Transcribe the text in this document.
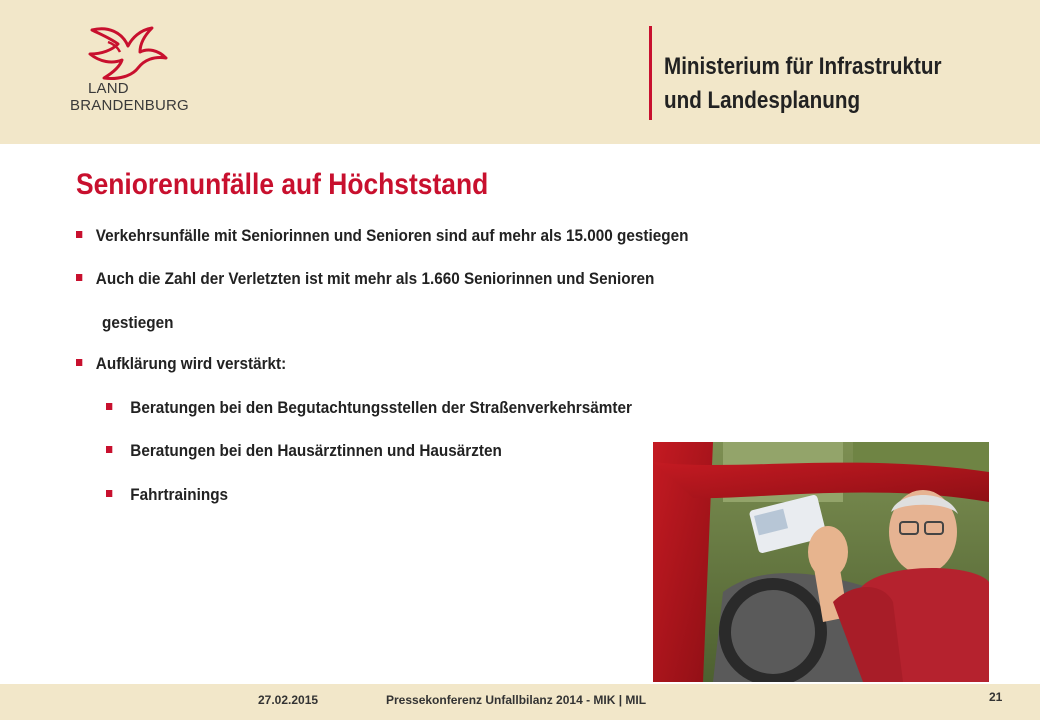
LAND
BRANDENBURG
Ministerium für Infrastruktur
und Landesplanung
Seniorenunfälle auf Höchststand
Verkehrsunfälle mit Seniorinnen und Senioren sind auf mehr als 15.000 gestiegen
Auch die Zahl der Verletzten ist mit mehr als 1.660 Seniorinnen und Senioren
gestiegen
Aufklärung wird verstärkt:
Beratungen bei den Begutachtungsstellen der Straßenverkehrsämter
Beratungen bei den Hausärztinnen und Hausärzten
Fahrtrainings
27.02.2015	Pressekonferenz Unfallbilanz 2014 - MIK | MIL	21
